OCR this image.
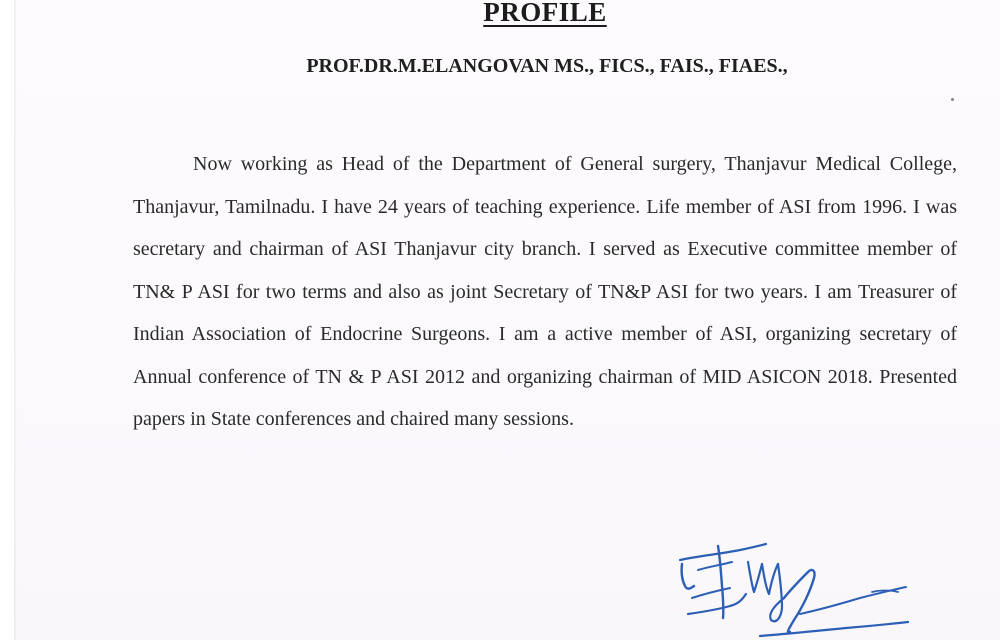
PROFILE
PROF.DR.M.ELANGOVAN MS., FICS., FAIS., FIAES.,

Now working as Head of the Department of General surgery, Thanjavur Medical College, Thanjavur, Tamilnadu. I have 24 years of teaching experience. Life member of ASI from 1996. I was secretary and chairman of ASI Thanjavur city branch. I served as Executive committee member of TN& P ASI for two terms and also as joint Secretary of TN&P ASI for two years. I am Treasurer of Indian Association of Endocrine Surgeons. I am a active member of ASI, organizing secretary of Annual conference of TN & P ASI 2012 and organizing chairman of MID ASICON 2018. Presented papers in State conferences and chaired many sessions.
